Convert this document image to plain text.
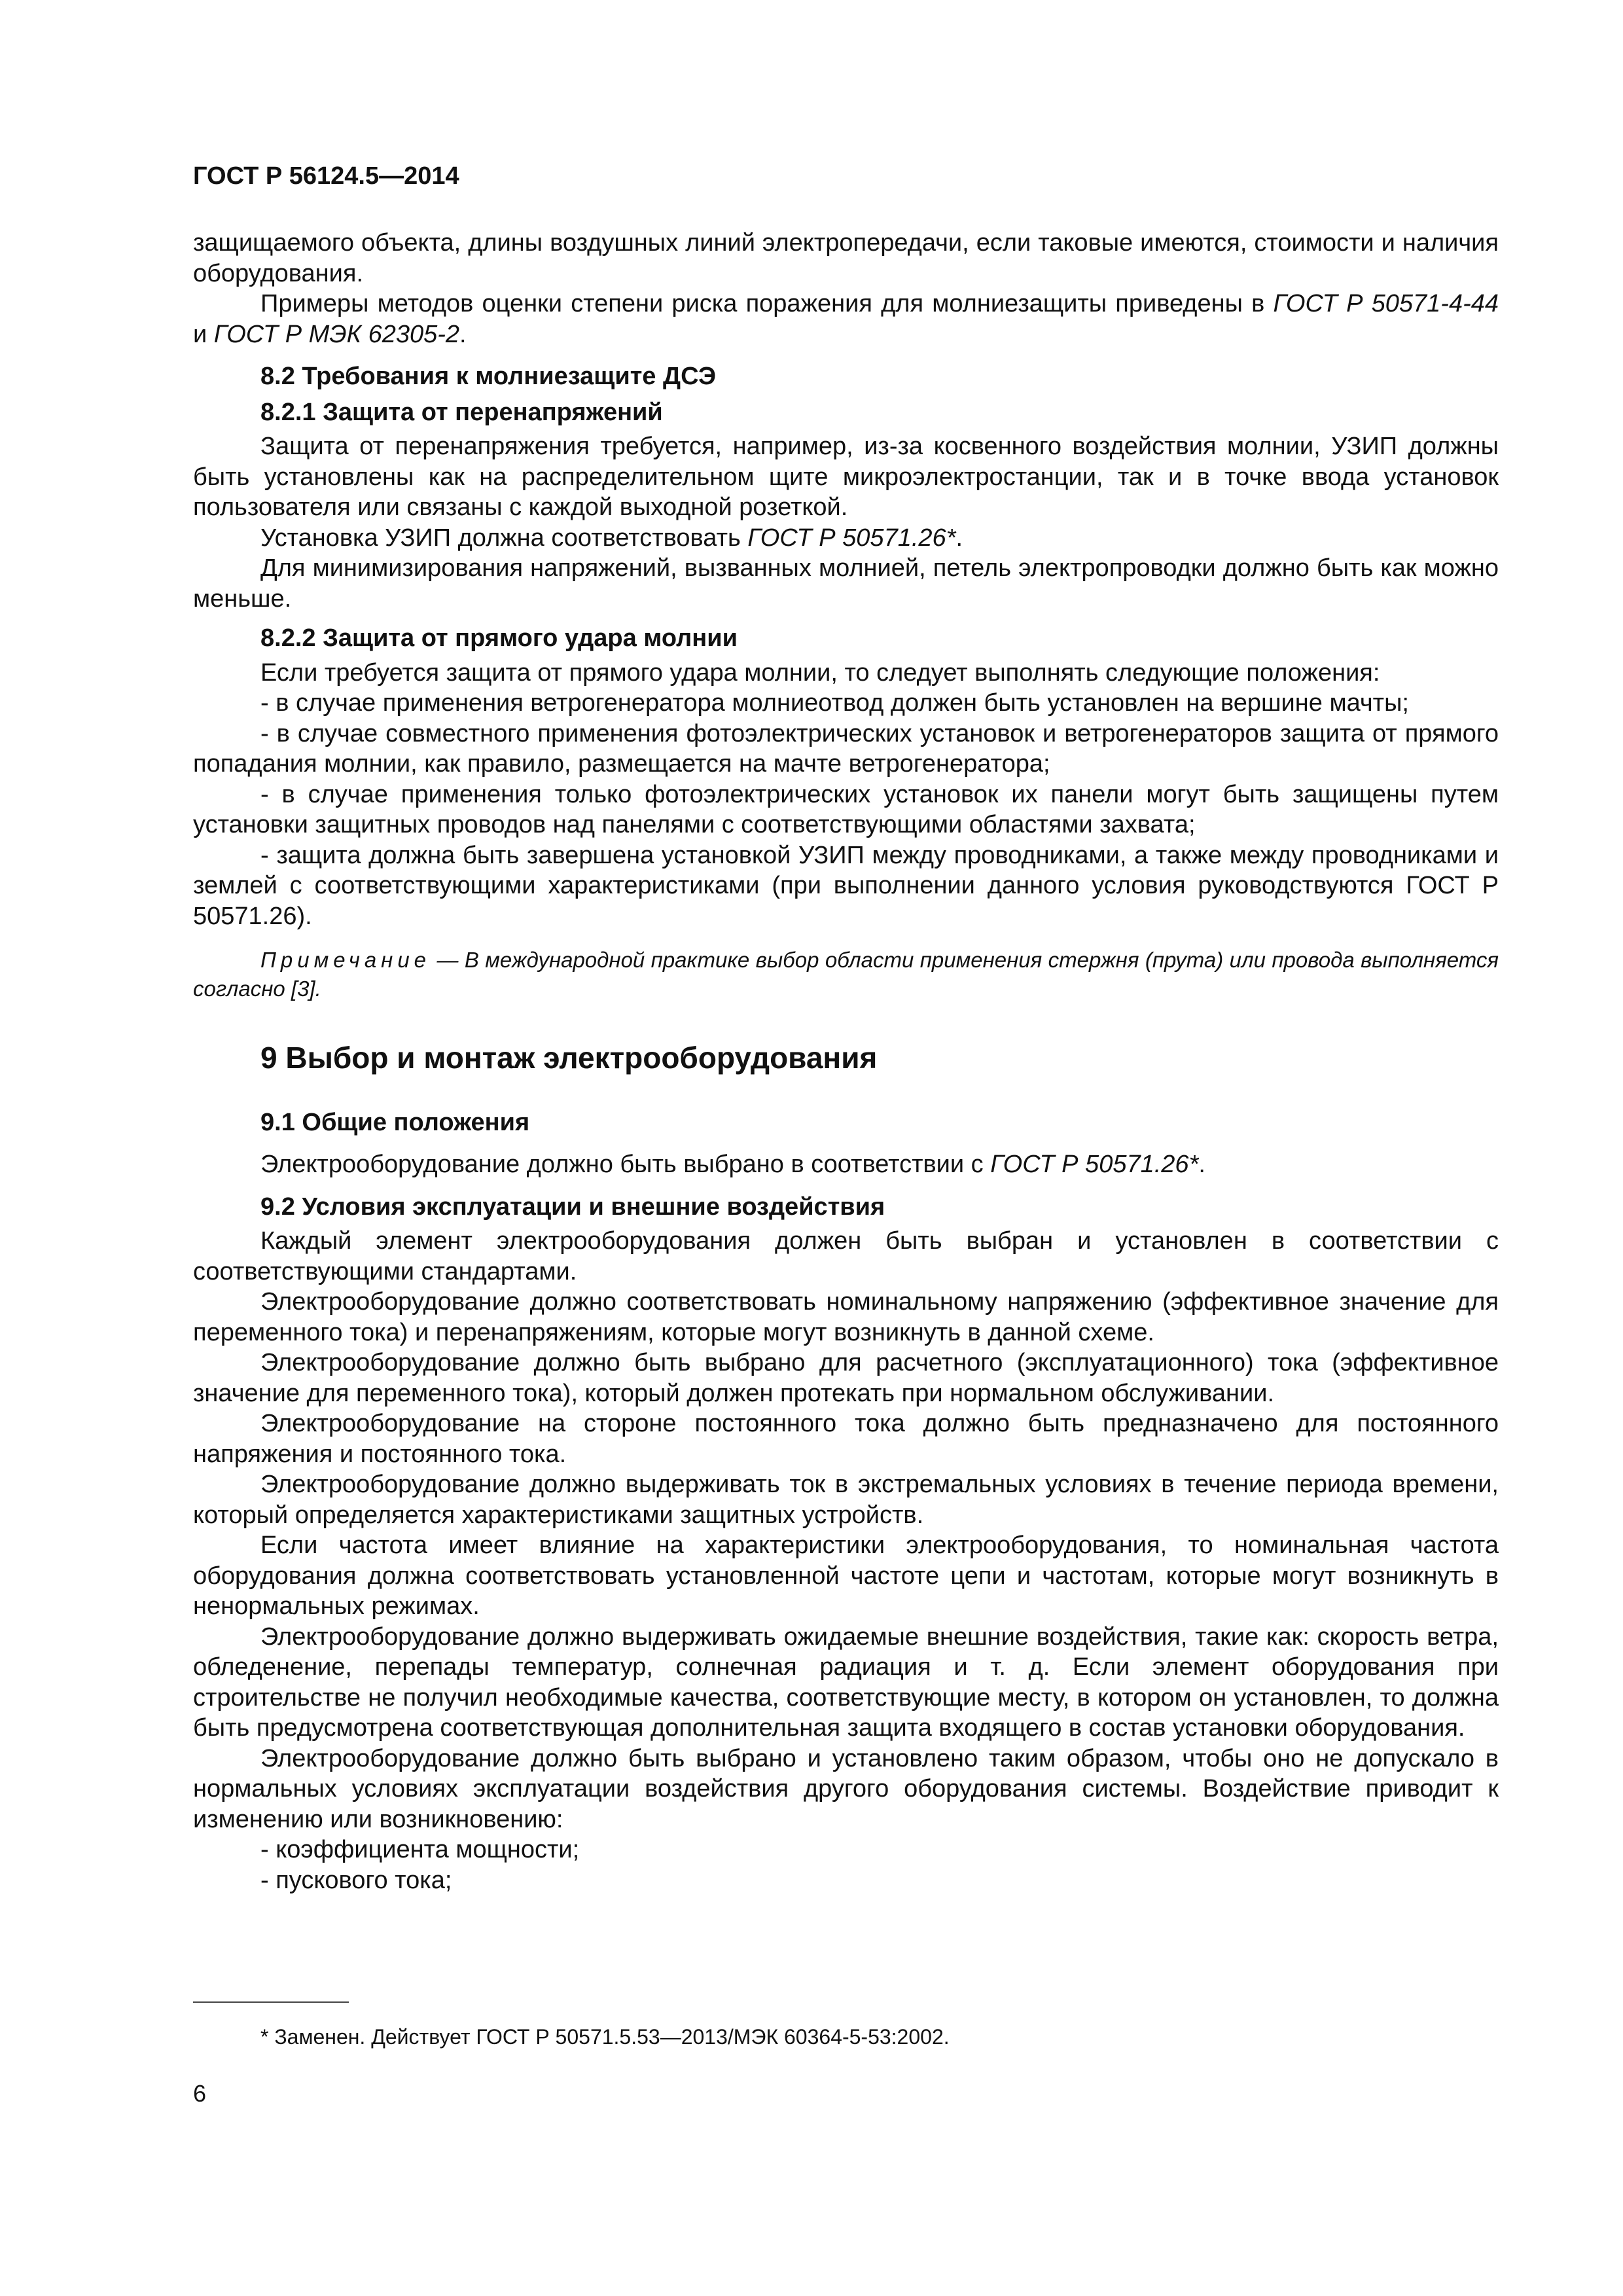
ГОСТ Р 56124.5—2014

защищаемого объекта, длины воздушных линий электропередачи, если таковые имеются, стоимости и наличия оборудования.

Примеры методов оценки степени риска поражения для молниезащиты приведены в ГОСТ Р 50571-4-44 и ГОСТ Р МЭК 62305-2.

8.2 Требования к молниезащите ДСЭ

8.2.1 Защита от перенапряжений

Защита от перенапряжения требуется, например, из-за косвенного воздействия молнии, УЗИП должны быть установлены как на распределительном щите микроэлектростанции, так и в точке ввода установок пользователя или связаны с каждой выходной розеткой.

Установка УЗИП должна соответствовать ГОСТ Р 50571.26*.

Для минимизирования напряжений, вызванных молнией, петель электропроводки должно быть как можно меньше.

8.2.2 Защита от прямого удара молнии

Если требуется защита от прямого удара молнии, то следует выполнять следующие положения:

- в случае применения ветрогенератора молниеотвод должен быть установлен на вершине мачты;

- в случае совместного применения фотоэлектрических установок и ветрогенераторов защита от прямого попадания молнии, как правило, размещается на мачте ветрогенератора;

- в случае применения только фотоэлектрических установок их панели могут быть защищены путем установки защитных проводов над панелями с соответствующими областями захвата;

- защита должна быть завершена установкой УЗИП между проводниками, а также между проводниками и землей с соответствующими характеристиками (при выполнении данного условия руководствуются ГОСТ Р 50571.26).

Примечание — В международной практике выбор области применения стержня (прута) или провода выполняется согласно [3].

9 Выбор и монтаж электрооборудования

9.1 Общие положения

Электрооборудование должно быть выбрано в соответствии с ГОСТ Р 50571.26*.

9.2 Условия эксплуатации и внешние воздействия

Каждый элемент электрооборудования должен быть выбран и установлен в соответствии с соответствующими стандартами.

Электрооборудование должно соответствовать номинальному напряжению (эффективное значение для переменного тока) и перенапряжениям, которые могут возникнуть в данной схеме.

Электрооборудование должно быть выбрано для расчетного (эксплуатационного) тока (эффективное значение для переменного тока), который должен протекать при нормальном обслуживании.

Электрооборудование на стороне постоянного тока должно быть предназначено для постоянного напряжения и постоянного тока.

Электрооборудование должно выдерживать ток в экстремальных условиях в течение периода времени, который определяется характеристиками защитных устройств.

Если частота имеет влияние на характеристики электрооборудования, то номинальная частота оборудования должна соответствовать установленной частоте цепи и частотам, которые могут возникнуть в ненормальных режимах.

Электрооборудование должно выдерживать ожидаемые внешние воздействия, такие как: скорость ветра, обледенение, перепады температур, солнечная радиация и т. д. Если элемент оборудования при строительстве не получил необходимые качества, соответствующие месту, в котором он установлен, то должна быть предусмотрена соответствующая дополнительная защита входящего в состав установки оборудования.

Электрооборудование должно быть выбрано и установлено таким образом, чтобы оно не допускало в нормальных условиях эксплуатации воздействия другого оборудования системы. Воздействие приводит к изменению или возникновению:

- коэффициента мощности;

- пускового тока;

* Заменен. Действует ГОСТ Р 50571.5.53—2013/МЭК 60364-5-53:2002.
6
